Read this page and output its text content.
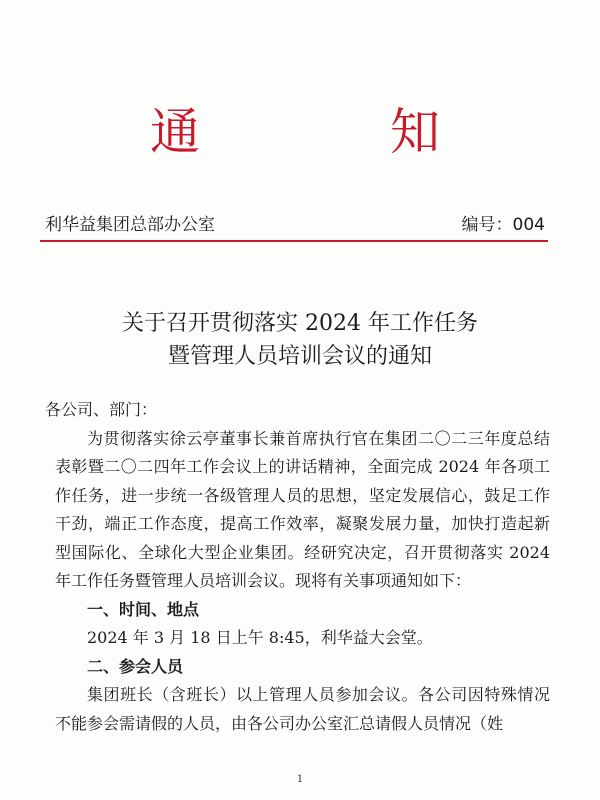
通	知
利华益集团总部办公室	编号：004
关于召开贯彻落实 2024 年工作任务
暨管理人员培训会议的通知

各公司、部门：

为贯彻落实徐云亭董事长兼首席执行官在集团二〇二三年度总结表彰暨二〇二四年工作会议上的讲话精神，全面完成 2024 年各项工作任务，进一步统一各级管理人员的思想，坚定发展信心，鼓足工作干劲，端正工作态度，提高工作效率，凝聚发展力量，加快打造起新型国际化、全球化大型企业集团。经研究决定，召开贯彻落实 2024 年工作任务暨管理人员培训会议。现将有关事项通知如下：

一、时间、地点

2024 年 3 月 18 日上午 8:45，利华益大会堂。

二、参会人员

集团班长（含班长）以上管理人员参加会议。各公司因特殊情况不能参会需请假的人员，由各公司办公室汇总请假人员情况（姓

1
